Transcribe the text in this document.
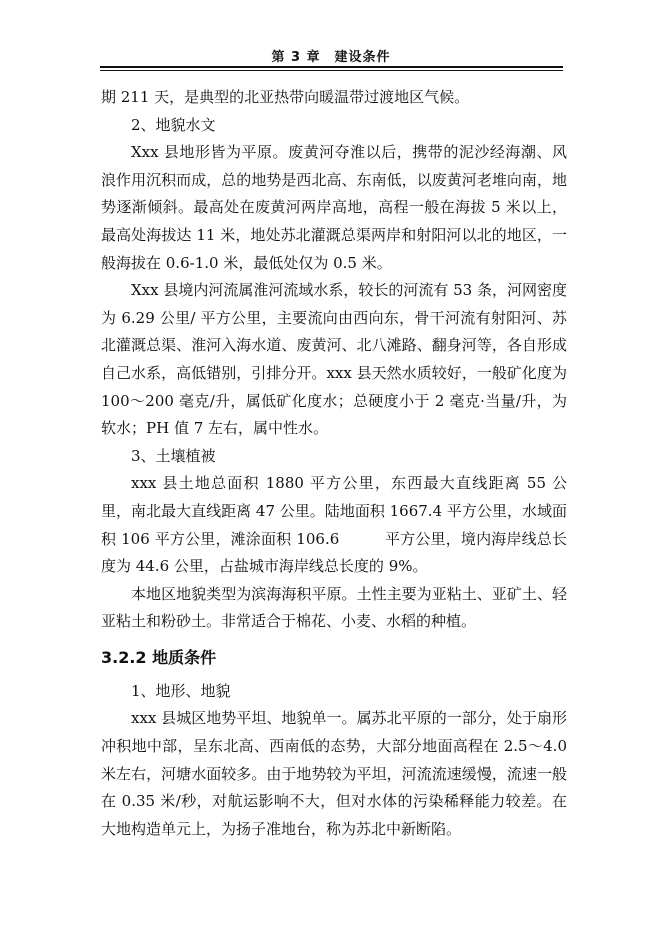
第 3 章　建设条件

期 211 天，是典型的北亚热带向暖温带过渡地区气候。

2、地貌水文

Xxx 县地形皆为平原。废黄河夺淮以后，携带的泥沙经海潮、风浪作用沉积而成，总的地势是西北高、东南低，以废黄河老堆向南，地势逐渐倾斜。最高处在废黄河两岸高地，高程一般在海拔 5 米以上，最高处海拔达 11 米，地处苏北灌溉总渠两岸和射阳河以北的地区，一般海拔在 0.6-1.0 米，最低处仅为 0.5 米。

Xxx 县境内河流属淮河流域水系，较长的河流有 53 条，河网密度为 6.29 公里/ 平方公里，主要流向由西向东，骨干河流有射阳河、苏北灌溉总渠、淮河入海水道、废黄河、北八滩路、翻身河等，各自形成自己水系，高低错别，引排分开。xxx 县天然水质较好，一般矿化度为 100～200 毫克/升，属低矿化度水；总硬度小于 2 毫克·当量/升，为软水；PH 值 7 左右，属中性水。

3、土壤植被

xxx 县土地总面积 1880 平方公里，东西最大直线距离 55 公里，南北最大直线距离 47 公里。陆地面积 1667.4 平方公里，水域面积 106 平方公里，滩涂面积 106.6　　　平方公里，境内海岸线总长度为 44.6 公里，占盐城市海岸线总长度的 9%。

本地区地貌类型为滨海海积平原。土性主要为亚粘土、亚矿土、轻亚粘土和粉砂土。非常适合于棉花、小麦、水稻的种植。

3.2.2 地质条件

1、地形、地貌

xxx 县城区地势平坦、地貌单一。属苏北平原的一部分，处于扇形冲积地中部，呈东北高、西南低的态势，大部分地面高程在 2.5～4.0 米左右，河塘水面较多。由于地势较为平坦，河流流速缓慢，流速一般在 0.35 米/秒，对航运影响不大，但对水体的污染稀释能力较差。在大地构造单元上，为扬子准地台，称为苏北中新断陷。
